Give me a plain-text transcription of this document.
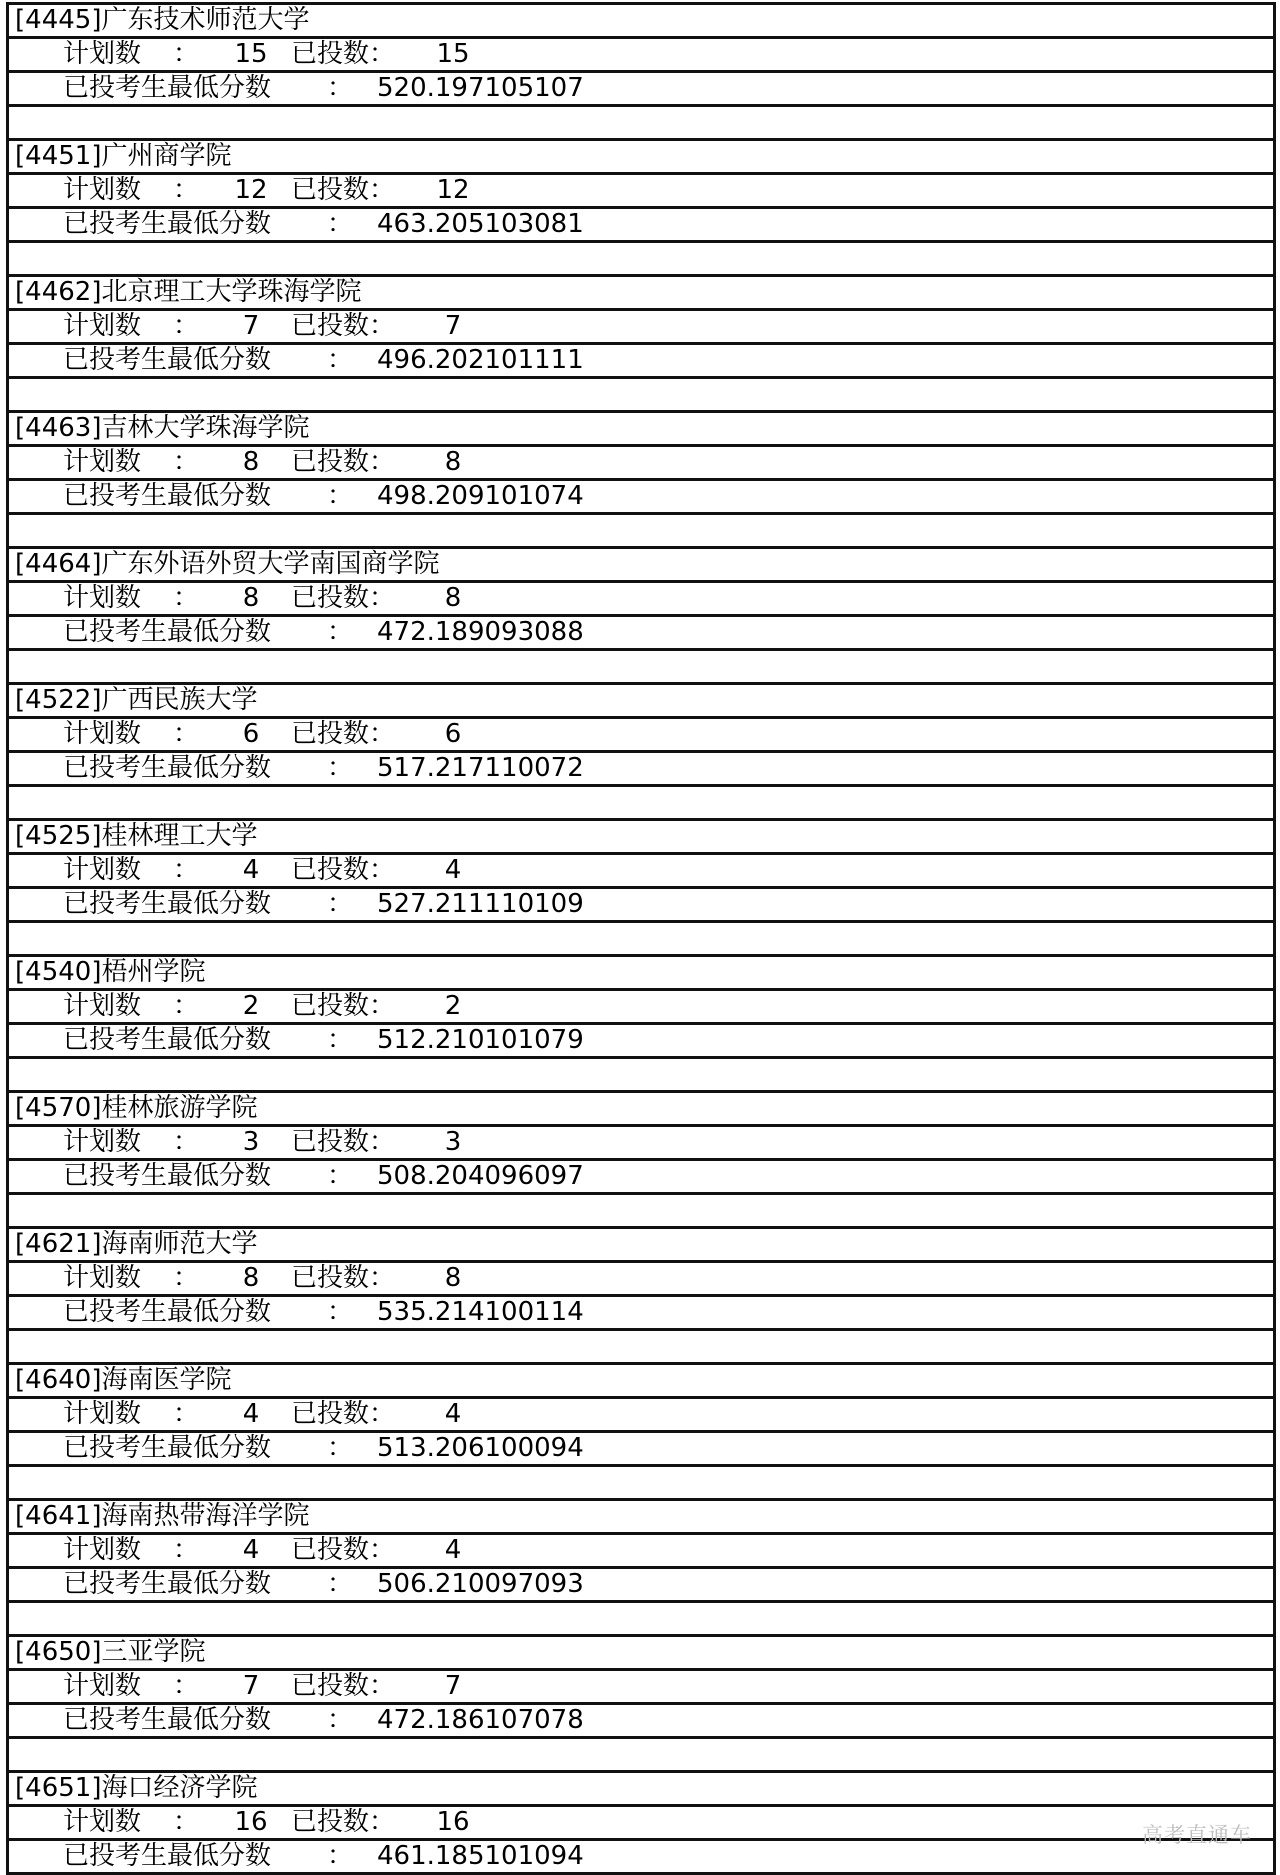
[4445]广东技术师范大学
计划数 ： 15 已投数： 15
已投考生最低分数 ： 520.197105107
[4451]广州商学院
计划数 ： 12 已投数： 12
已投考生最低分数 ： 463.205103081
[4462]北京理工大学珠海学院
计划数 ：	7	已投数：	7
已投考生最低分数 ： 496.202101111
[4463]吉林大学珠海学院
计划数 ：	8	已投数：	8
已投考生最低分数 ： 498.209101074
[4464]广东外语外贸大学南国商学院
计划数 ：	8	已投数：	8
已投考生最低分数 ： 472.189093088
[4522]广西民族大学
计划数 ：	6	已投数：	6
已投考生最低分数 ： 517.217110072
[4525]桂林理工大学
计划数 ：	4	已投数：	4
已投考生最低分数 ： 527.211110109
[4540]梧州学院
计划数 ：	2	已投数：	2
已投考生最低分数 ： 512.210101079
[4570]桂林旅游学院
计划数 ：	3	已投数：	3
已投考生最低分数 ： 508.204096097
[4621]海南师范大学
计划数 ：	8	已投数：	8
已投考生最低分数 ： 535.214100114
[4640]海南医学院
计划数 ：	4	已投数：	4
已投考生最低分数 ： 513.206100094
[4641]海南热带海洋学院
计划数 ：	4	已投数：	4
已投考生最低分数 ： 506.210097093
[4650]三亚学院
计划数 ：	7	已投数：	7
已投考生最低分数 ： 472.186107078
[4651]海口经济学院
计划数 ： 16 已投数： 16
已投考生最低分数 ： 461.185101094
高考直通车
